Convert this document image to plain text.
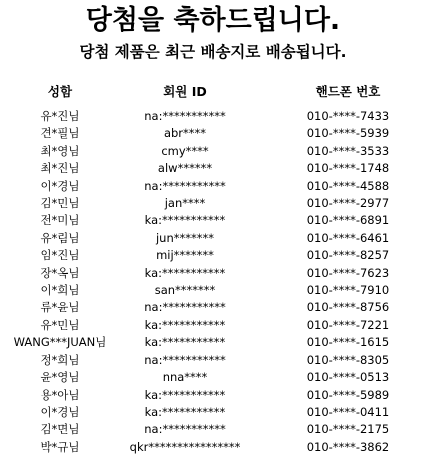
당첨을 축하드립니다.
당첨 제품은 최근 배송지로 배송됩니다.
성함	회원 ID	핸드폰 번호

유*진님	na:***********	010-****-7433
견*필님	abr****	010-****-5939
최*영님	cmy****	010-****-3533
최*진님	alw******	010-****-1748
이*경님	na:***********	010-****-4588
김*민님	jan****	010-****-2977
전*미님	ka:***********	010-****-6891
유*림님	jun*******	010-****-6461
임*진님	mij*******	010-****-8257
장*옥님	ka:***********	010-****-7623
이*희님	san*******	010-****-7910
류*윤님	na:***********	010-****-8756
유*민님	ka:***********	010-****-7221
WANG***JUAN님	ka:***********	010-****-1615
정*희님	na:***********	010-****-8305
윤*영님	nna****	010-****-0513
용*아님	ka:***********	010-****-5989
이*경님	ka:***********	010-****-0411
김*면님	na:***********	010-****-2175
박*규님	qkr****************	010-****-3862
